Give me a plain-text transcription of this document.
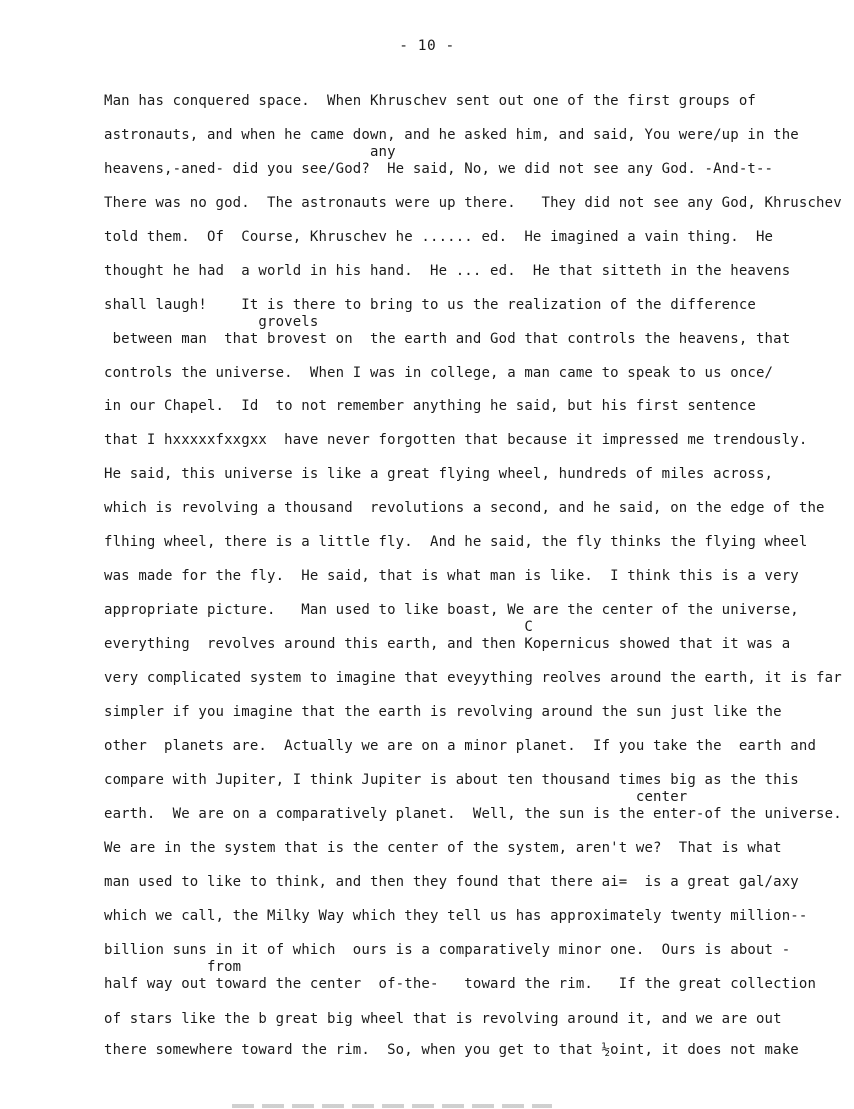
- 10 -
Man has conquered space.  When Khruschev sent out one of the first groups of
astronauts, and when he came down, and he asked him, and said, You were/up in the
any
heavens,-aned- did you see/God?  He said, No, we did not see any God. -And-t--
There was no god.  The astronauts were up there.   They did not see any God, Khruschev
told them.  Of  Course, Khruschev he ...... ed.  He imagined a vain thing.  He
thought he had  a world in his hand.  He ... ed.  He that sitteth in the heavens
shall laugh!    It is there to bring to us the realization of the difference
grovels
between man  that brovest on  the earth and God that controls the heavens, that
controls the universe.  When I was in college, a man came to speak to us once/
in our Chapel.  Id  to not remember anything he said, but his first sentence
that I hxxxxxfxxgxx  have never forgotten that because it impressed me trendously.
He said, this universe is like a great flying wheel, hundreds of miles across,
which is revolving a thousand  revolutions a second, and he said, on the edge of the
flhing wheel, there is a little fly.  And he said, the fly thinks the flying wheel
was made for the fly.  He said, that is what man is like.  I think this is a very
appropriate picture.   Man used to like boast, We are the center of the universe,
C
everything  revolves around this earth, and then Kopernicus showed that it was a
very complicated system to imagine that eveyything reolves around the earth, it is far
simpler if you imagine that the earth is revolving around the sun just like the
other  planets are.  Actually we are on a minor planet.  If you take the  earth and
compare with Jupiter, I think Jupiter is about ten thousand times big as the this
center
earth.  We are on a comparatively planet.  Well, the sun is the enter-of the universe.
We are in the system that is the center of the system, aren't we?  That is what
man used to like to think, and then they found that there ai=  is a great gal/axy
which we call, the Milky Way which they tell us has approximately twenty million--
billion suns in it of which  ours is a comparatively minor one.  Ours is about -
from
half way out toward the center  of-the-   toward the rim.   If the great collection
of stars like the b great big wheel that is revolving around it, and we are out
there somewhere toward the rim.  So, when you get to that ½oint, it does not make
